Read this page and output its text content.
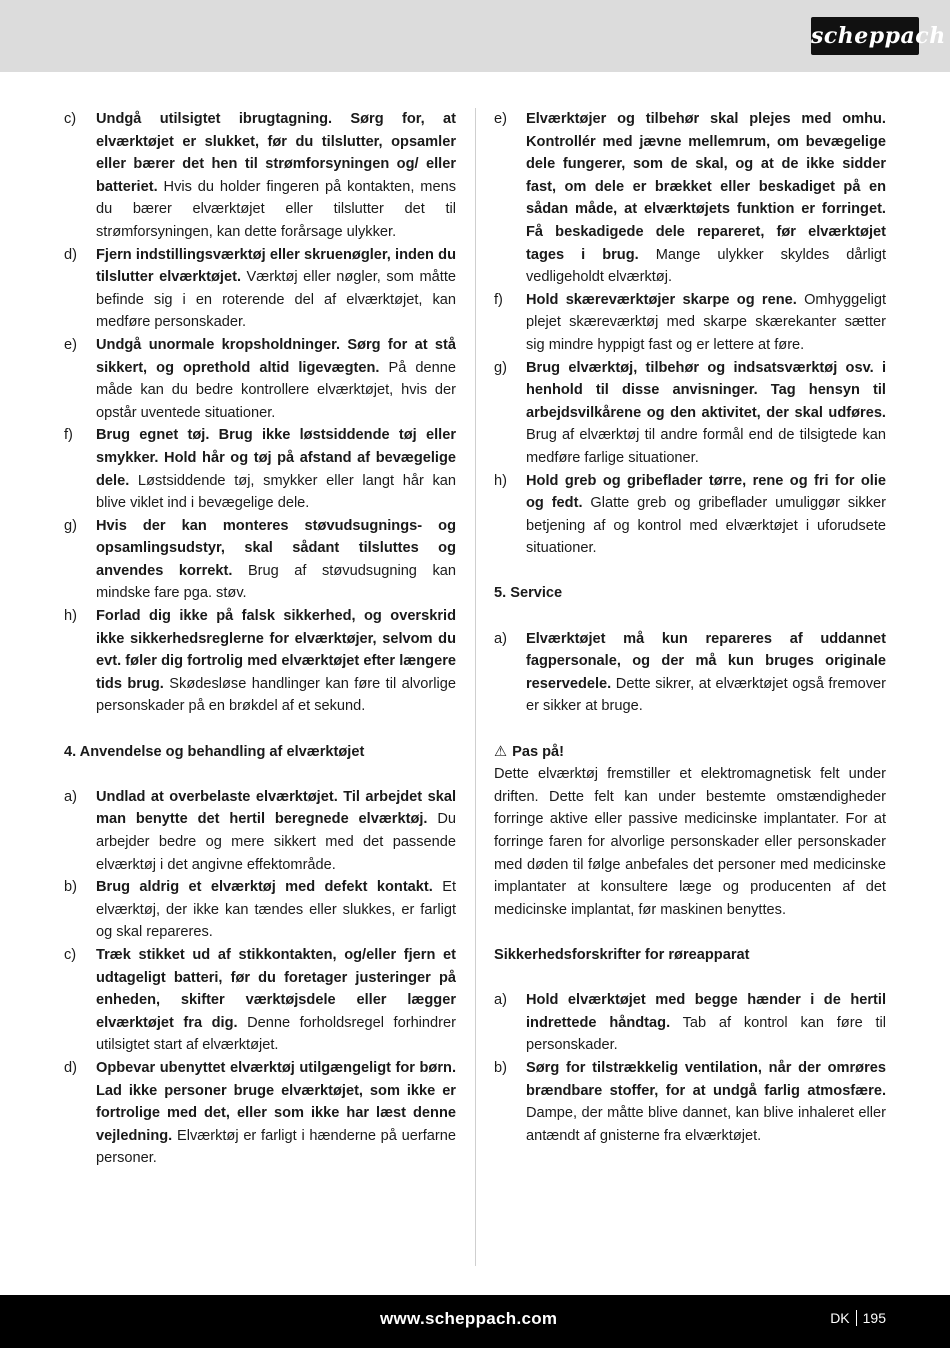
scheppach
c)	Undgå utilsigtet ibrugtagning. Sørg for, at elværktøjet er slukket, før du tilslutter, opsamler eller bærer det hen til strømforsyningen og/ eller batteriet. Hvis du holder fingeren på kontakten, mens du bærer elværktøjet eller tilslutter det til strømforsyningen, kan dette forårsage ulykker.
d)	Fjern indstillingsværktøj eller skruenøgler, inden du tilslutter elværktøjet. Værktøj eller nøgler, som måtte befinde sig i en roterende del af elværktøjet, kan medføre personskader.
e)	Undgå unormale kropsholdninger. Sørg for at stå sikkert, og oprethold altid ligevægten. På denne måde kan du bedre kontrollere elværktøjet, hvis der opstår uventede situationer.
f)	Brug egnet tøj. Brug ikke løstsiddende tøj eller smykker. Hold hår og tøj på afstand af bevægelige dele. Løstsiddende tøj, smykker eller langt hår kan blive viklet ind i bevægelige dele.
g)	Hvis der kan monteres støvudsugnings- og opsamlingsudstyr, skal sådant tilsluttes og anvendes korrekt. Brug af støvudsugning kan mindske fare pga. støv.
h)	Forlad dig ikke på falsk sikkerhed, og overskrid ikke sikkerhedsreglerne for elværktøjer, selvom du evt. føler dig fortrolig med elværktøjet efter længere tids brug. Skødesløse handlinger kan føre til alvorlige personskader på en brøkdel af et sekund.
4. Anvendelse og behandling af elværktøjet
a)	Undlad at overbelaste elværktøjet. Til arbejdet skal man benytte det hertil beregnede elværktøj. Du arbejder bedre og mere sikkert med det passende elværktøj i det angivne effektområde.
b)	Brug aldrig et elværktøj med defekt kontakt. Et elværktøj, der ikke kan tændes eller slukkes, er farligt og skal repareres.
c)	Træk stikket ud af stikkontakten, og/eller fjern et udtageligt batteri, før du foretager justeringer på enheden, skifter værktøjsdele eller lægger elværktøjet fra dig. Denne forholdsregel forhindrer utilsigtet start af elværktøjet.
d)	Opbevar ubenyttet elværktøj utilgængeligt for børn. Lad ikke personer bruge elværktøjet, som ikke er fortrolige med det, eller som ikke har læst denne vejledning. Elværktøj er farligt i hænderne på uerfarne personer.
e)	Elværktøjer og tilbehør skal plejes med omhu. Kontrollér med jævne mellemrum, om bevægelige dele fungerer, som de skal, og at de ikke sidder fast, om dele er brækket eller beskadiget på en sådan måde, at elværktøjets funktion er forringet. Få beskadigede dele repareret, før elværktøjet tages i brug. Mange ulykker skyldes dårligt vedligeholdt elværktøj.
f)	Hold skæreværktøjer skarpe og rene. Omhyggeligt plejet skæreværktøj med skarpe skærekanter sætter sig mindre hyppigt fast og er lettere at føre.
g)	Brug elværktøj, tilbehør og indsatsværktøj osv. i henhold til disse anvisninger. Tag hensyn til arbejdsvilkårene og den aktivitet, der skal udføres. Brug af elværktøj til andre formål end de tilsigtede kan medføre farlige situationer.
h)	Hold greb og gribeflader tørre, rene og fri for olie og fedt. Glatte greb og gribeflader umuliggør sikker betjening af og kontrol med elværktøjet i uforudsete situationer.
5. Service
a)	Elværktøjet må kun repareres af uddannet fagpersonale, og der må kun bruges originale reservedele. Dette sikrer, at elværktøjet også fremover er sikker at bruge.
⚠ Pas på!
Dette elværktøj fremstiller et elektromagnetisk felt under driften. Dette felt kan under bestemte omstændigheder forringe aktive eller passive medicinske implantater. For at forringe faren for alvorlige personskader eller personskader med døden til følge anbefales det personer med medicinske implantater at konsultere læge og producenten af det medicinske implantat, før maskinen benyttes.
Sikkerhedsforskrifter for røreapparat
a)	Hold elværktøjet med begge hænder i de hertil indrettede håndtag. Tab af kontrol kan føre til personskader.
b)	Sørg for tilstrækkelig ventilation, når der omrøres brændbare stoffer, for at undgå farlig atmosfære. Dampe, der måtte blive dannet, kan blive inhaleret eller antændt af gnisterne fra elværktøjet.
www.scheppach.com	DK 195
